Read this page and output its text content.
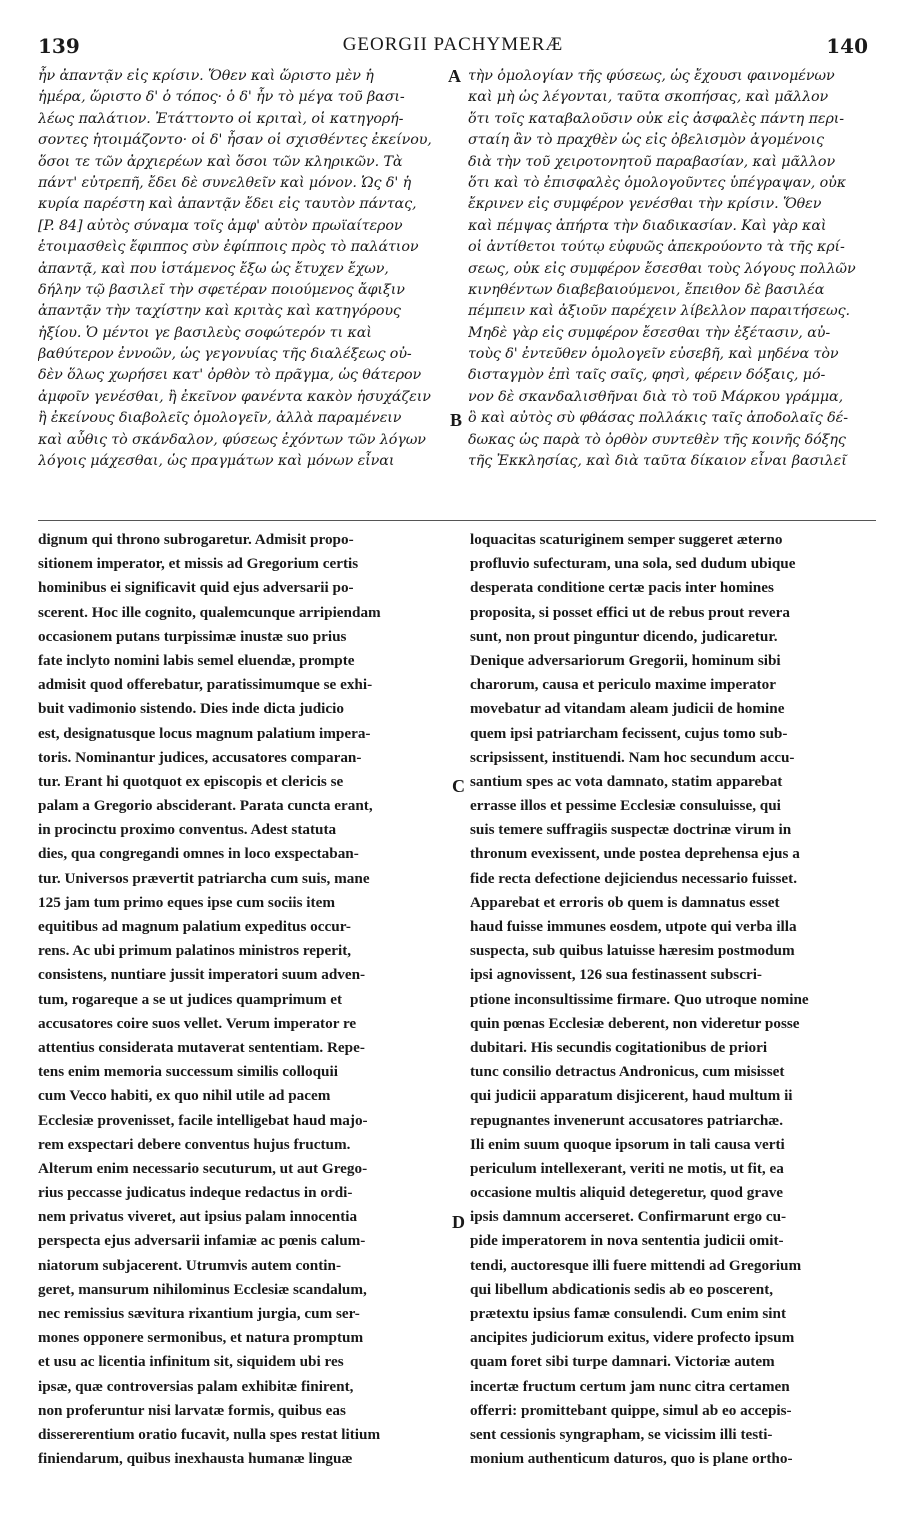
139	GEORGII PACHYMERÆ	140
ἦν ἀπαντᾷν εἰς κρίσιν. Ὅθεν καὶ ὥριστο μὲν ἡ
ἡμέρα, ὥριστο δ' ὁ τόπος· ὁ δ' ἦν τὸ μέγα τοῦ βασι-
λέως παλάτιον. Ἐτάττοντο οἱ κριταὶ, οἱ κατηγορή-
σοντες ἡτοιμάζοντο· οἱ δ' ἦσαν οἱ σχισθέντες ἐκείνου,
ὅσοι τε τῶν ἀρχιερέων καὶ ὅσοι τῶν κληρικῶν. Τὰ
πάντ' εὐτρεπῆ, ἔδει δὲ συνελθεῖν καὶ μόνον. Ὡς δ' ἡ
κυρία παρέστη καὶ ἀπαντᾷν ἔδει εἰς ταυτὸν πάντας,
[P. 84] αὐτὸς σύναμα τοῖς ἀμφ' αὐτὸν πρωϊαίτερον
ἑτοιμασθεὶς ἔφιππος σὺν ἐφίπποις πρὸς τὸ παλάτιον
ἀπαντᾷ, καὶ που ἱστάμενος ἔξω ὡς ἔτυχεν ἔχων,
δήλην τῷ βασιλεῖ τὴν σφετέραν ποιούμενος ἄφιξιν
ἀπαντᾷν τὴν ταχίστην καὶ κριτὰς καὶ κατηγόρους
ἠξίου. Ὁ μέντοι γε βασιλεὺς σοφώτερόν τι καὶ
βαθύτερον ἐννοῶν, ὡς γεγονυίας τῆς διαλέξεως οὐ-
δὲν ὅλως χωρήσει κατ' ὀρθὸν τὸ πρᾶγμα, ὡς θάτερον
ἀμφοῖν γενέσθαι, ἢ ἐκεῖνον φανέντα κακὸν ἡσυχάζειν
ἢ ἐκείνους διαβολεῖς ὁμολογεῖν, ἀλλὰ παραμένειν
καὶ αὖθις τὸ σκάνδαλον, φύσεως ἐχόντων τῶν λόγων
λόγοις μάχεσθαι, ὡς πραγμάτων καὶ μόνων εἶναι
τὴν ὁμολογίαν τῆς φύσεως, ὡς ἔχουσι φαινομένων
καὶ μὴ ὡς λέγονται, ταῦτα σκοπήσας, καὶ μᾶλλον
ὅτι τοῖς καταβαλοῦσιν οὐκ εἰς ἀσφαλὲς πάντη περι-
σταίη ἂν τὸ πραχθὲν ὡς εἰς ὀβελισμὸν ἀγομένοις
διὰ τὴν τοῦ χειροτονητοῦ παραβασίαν, καὶ μᾶλλον
ὅτι καὶ τὸ ἐπισφαλὲς ὁμολογοῦντες ὑπέγραψαν, οὐκ
ἔκρινεν εἰς συμφέρον γενέσθαι τὴν κρίσιν. Ὅθεν
καὶ πέμψας ἀπήρτα τὴν διαδικασίαν. Καὶ γὰρ καὶ
οἱ ἀντίθετοι τούτῳ εὐφυῶς ἀπεκρούοντο τὰ τῆς κρί-
σεως, οὐκ εἰς συμφέρον ἔσεσθαι τοὺς λόγους πολλῶν
κινηθέντων διαβεβαιούμενοι, ἔπειθον δὲ βασιλέα
πέμπειν καὶ ἀξιοῦν παρέχειν λίβελλον παραιτήσεως.
Μηδὲ γὰρ εἰς συμφέρον ἔσεσθαι τὴν ἐξέτασιν, αὐ-
τοὺς δ' ἐντεῦθεν ὁμολογεῖν εὐσεβῆ, καὶ μηδένα τὸν
δισταγμὸν ἐπὶ ταῖς σαῖς, φησὶ, φέρειν δόξαις, μό-
νον δὲ σκανδαλισθῆναι διὰ τὸ τοῦ Μάρκου γράμμα,
ὃ καὶ αὐτὸς σὺ φθάσας πολλάκις ταῖς ἀποδολαῖς δέ-
δωκας ὡς παρὰ τὸ ὀρθὸν συντεθὲν τῆς κοινῆς δόξης
τῆς Ἐκκλησίας, καὶ διὰ ταῦτα δίκαιον εἶναι βασιλεῖ
A
B
C
D
dignum qui throno subrogaretur. Admisit propo-
sitionem imperator, et missis ad Gregorium certis
hominibus ei significavit quid ejus adversarii po-
scerent. Hoc ille cognito, qualemcunque arripiendam
occasionem putans turpissimæ inustæ suo prius
fate inclyto nomini labis semel eluendæ, prompte
admisit quod offerebatur, paratissimumque se exhi-
buit vadimonio sistendo. Dies inde dicta judicio
est, designatusque locus magnum palatium impera-
toris. Nominantur judices, accusatores comparan-
tur. Erant hi quotquot ex episcopis et clericis se
palam a Gregorio absciderant. Parata cuncta erant,
in procinctu proximo conventus. Adest statuta
dies, qua congregandi omnes in loco exspectaban-
tur. Universos prævertit patriarcha cum suis, mane
125 jam tum primo eques ipse cum sociis item
equitibus ad magnum palatium expeditus occur-
rens. Ac ubi primum palatinos ministros reperit,
consistens, nuntiare jussit imperatori suum adven-
tum, rogareque a se ut judices quamprimum et
accusatores coire suos vellet. Verum imperator re
attentius considerata mutaverat sententiam. Repe-
tens enim memoria successum similis colloquii
cum Vecco habiti, ex quo nihil utile ad pacem
Ecclesiæ provenisset, facile intelligebat haud majo-
rem exspectari debere conventus hujus fructum.
Alterum enim necessario secuturum, ut aut Grego-
rius peccasse judicatus indeque redactus in ordi-
nem privatus viveret, aut ipsius palam innocentia
perspecta ejus adversarii infamiæ ac pœnis calum-
niatorum subjacerent. Utrumvis autem contin-
geret, mansurum nihilominus Ecclesiæ scandalum,
nec remissius sævitura rixantium jurgia, cum ser-
mones opponere sermonibus, et natura promptum
et usu ac licentia infinitum sit, siquidem ubi res
ipsæ, quæ controversias palam exhibitæ finirent,
non proferuntur nisi larvatæ formis, quibus eas
dissererentium oratio fucavit, nulla spes restat litium
finiendarum, quibus inexhausta humanæ linguæ
loquacitas scaturiginem semper suggeret æterno
profluvio sufecturam, una sola, sed dudum ubique
desperata conditione certæ pacis inter homines
proposita, si posset effici ut de rebus prout revera
sunt, non prout pinguntur dicendo, judicaretur.
Denique adversariorum Gregorii, hominum sibi
charorum, causa et periculo maxime imperator
movebatur ad vitandam aleam judicii de homine
quem ipsi patriarcham fecissent, cujus tomo sub-
scripsissent, instituendi. Nam hoc secundum accu-
santium spes ac vota damnato, statim apparebat
errasse illos et pessime Ecclesiæ consuluisse, qui
suis temere suffragiis suspectæ doctrinæ virum in
thronum evexissent, unde postea deprehensa ejus a
fide recta defectione dejiciendus necessario fuisset.
Apparebat et erroris ob quem is damnatus esset
haud fuisse immunes eosdem, utpote qui verba illa
suspecta, sub quibus latuisse hæresim postmodum
ipsi agnovissent, 126 sua festinassent subscri-
ptione inconsultissime firmare. Quo utroque nomine
quin pœnas Ecclesiæ deberent, non videretur posse
dubitari. His secundis cogitationibus de priori
tunc consilio detractus Andronicus, cum misisset
qui judicii apparatum disjicerent, haud multum ii
repugnantes invenerunt accusatores patriarchæ.
Ili enim suum quoque ipsorum in tali causa verti
periculum intellexerant, veriti ne motis, ut fit, ea
occasione multis aliquid detegeretur, quod grave
ipsis damnum accerseret. Confirmarunt ergo cu-
pide imperatorem in nova sententia judicii omit-
tendi, auctoresque illi fuere mittendi ad Gregorium
qui libellum abdicationis sedis ab eo poscerent,
prætextu ipsius famæ consulendi. Cum enim sint
ancipites judiciorum exitus, videre profecto ipsum
quam foret sibi turpe damnari. Victoriæ autem
incertæ fructum certum jam nunc citra certamen
offerri: promittebant quippe, simul ab eo accepis-
sent cessionis syngrapham, se vicissim illi testi-
monium authenticum daturos, quo is plane ortho-
